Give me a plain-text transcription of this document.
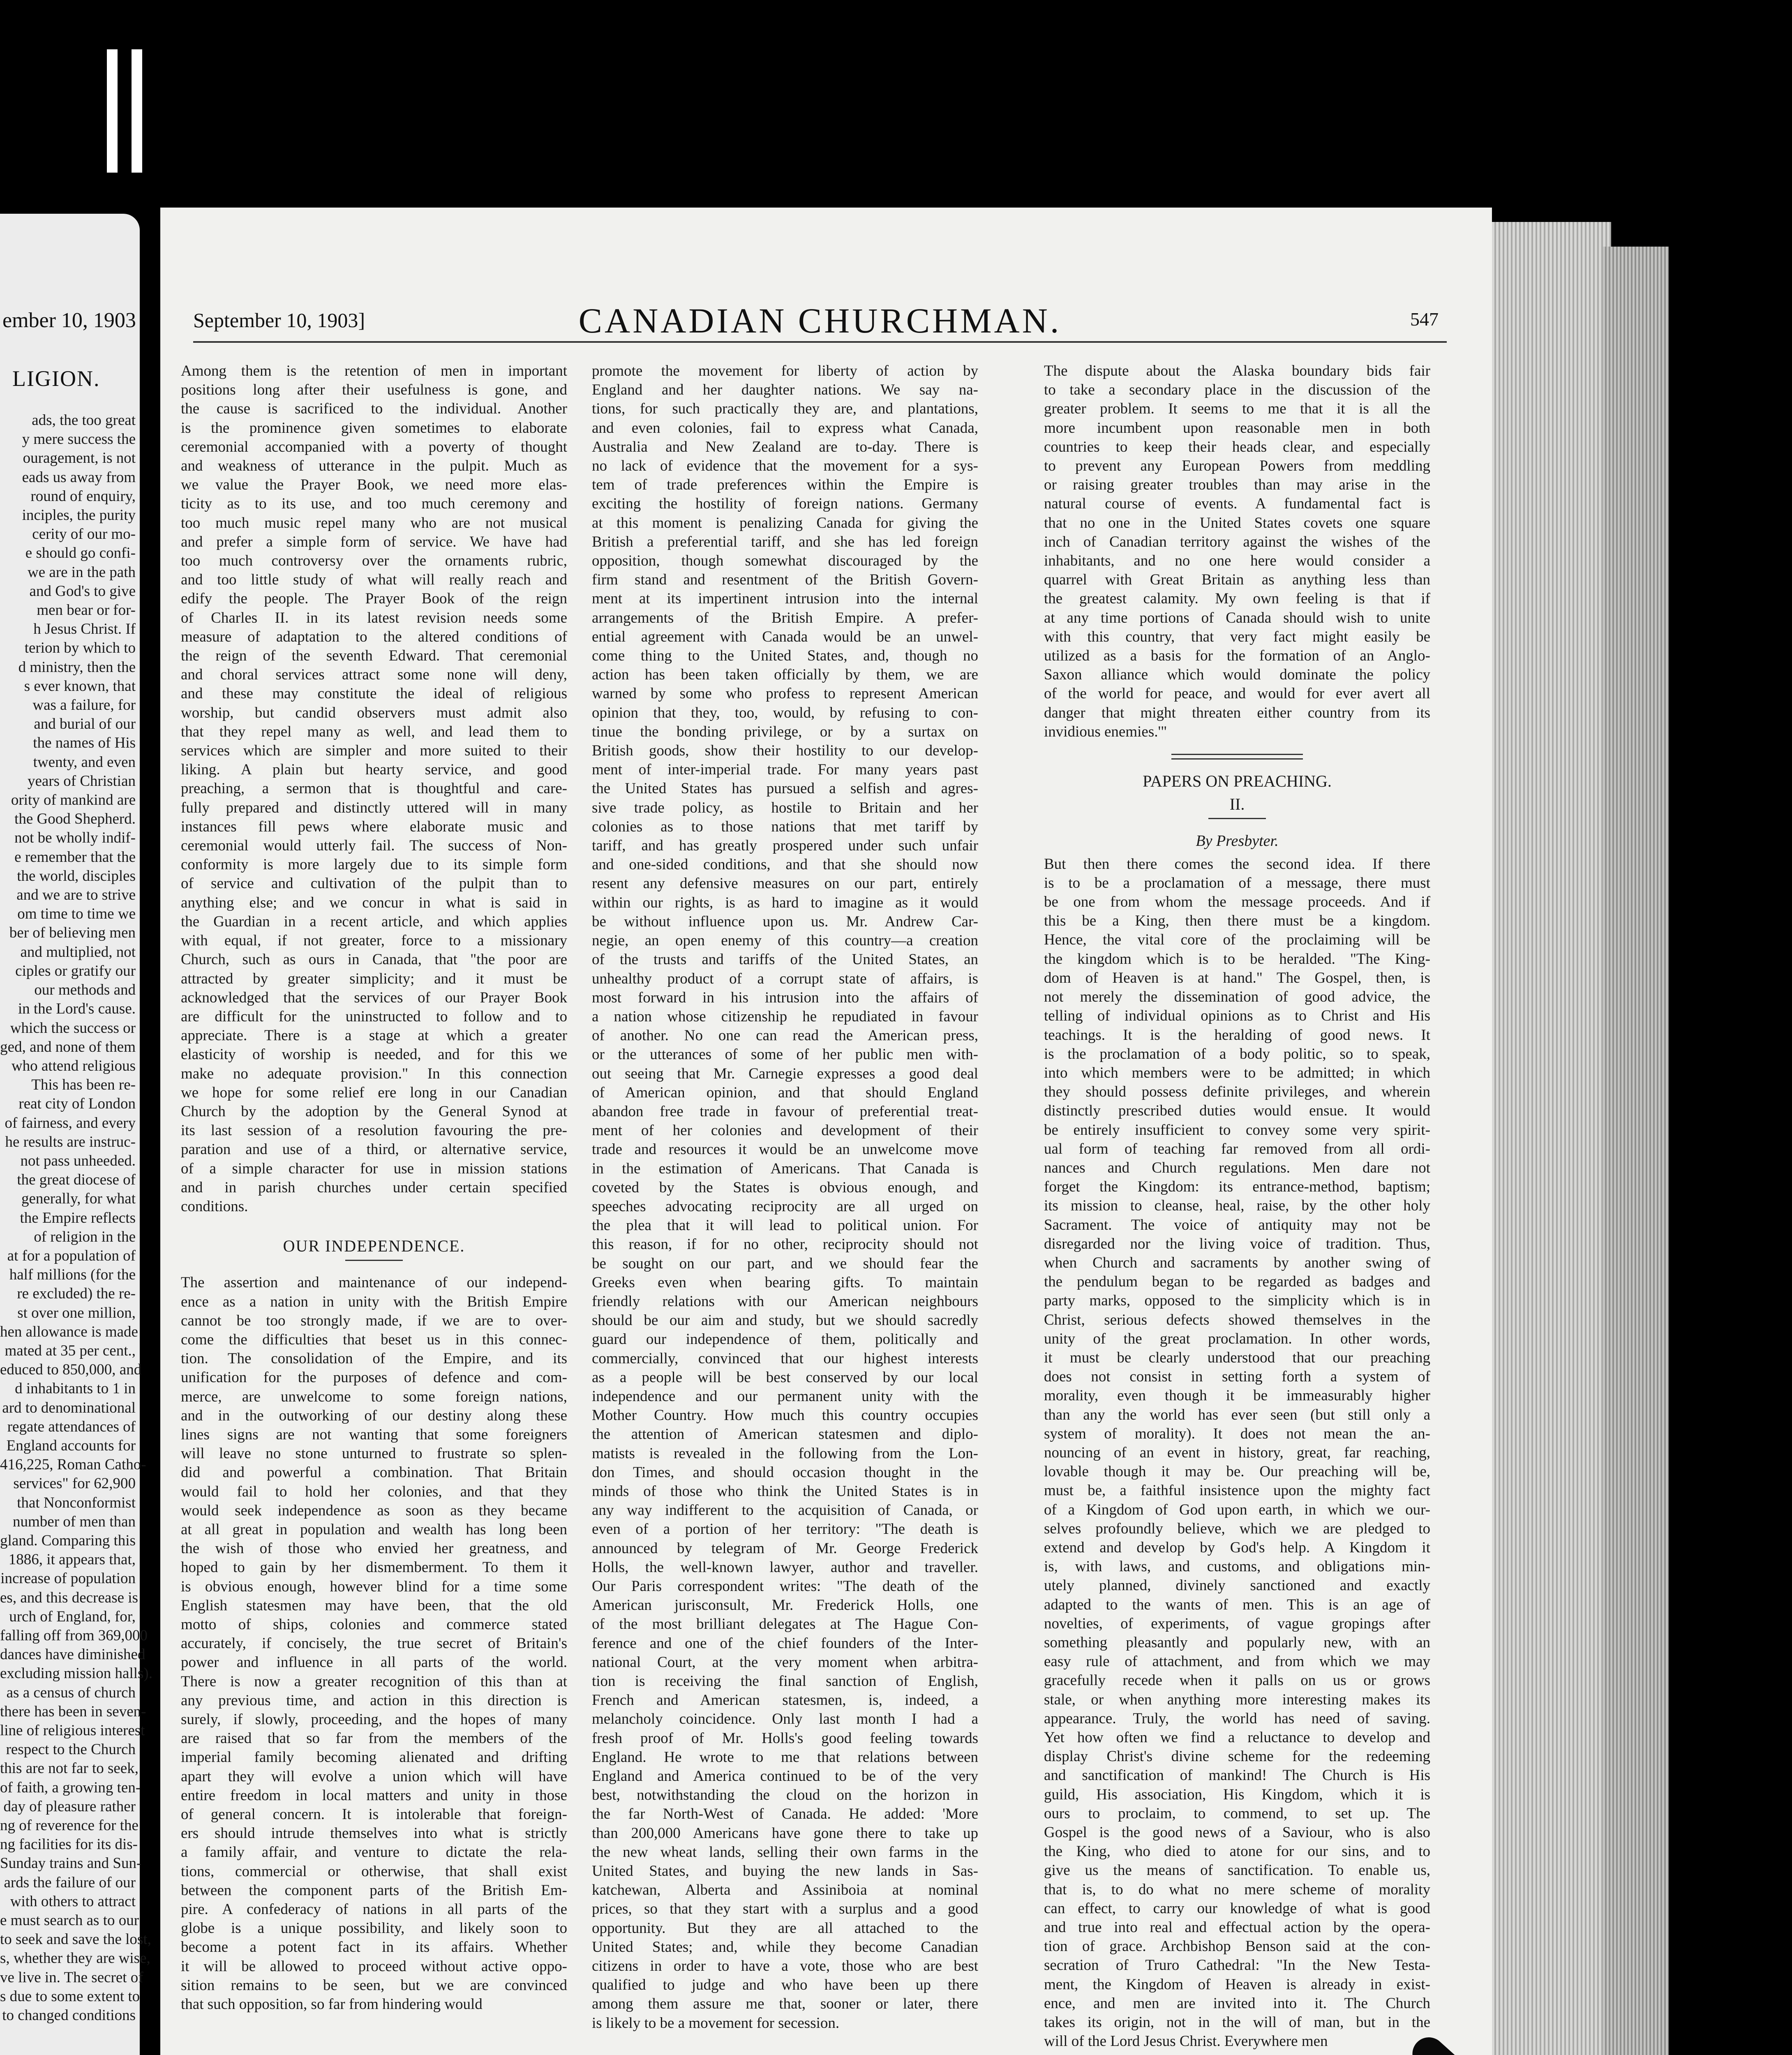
ember 10, 1903
LIGION.
ads, the too great
y mere success the
ouragement, is not
eads us away from
round of enquiry,
inciples, the purity
cerity of our mo-
e should go confi-
we are in the path
and God's to give
men bear or for-
h Jesus Christ. If
terion by which to
d ministry, then the
s ever known, that
was a failure, for
and burial of our
the names of His
twenty, and even
years of Christian
ority of mankind are
the Good Shepherd.
not be wholly indif-
e remember that the
the world, disciples
and we are to strive
om time to time we
ber of believing men
and multiplied, not
ciples or gratify our
our methods and
in the Lord's cause.
which the success or
ged, and none of them
who attend religious
This has been re-
reat city of London
of fairness, and every
he results are instruc-
not pass unheeded.
the great diocese of
generally, for what
the Empire reflects
of religion in the
at for a population of
half millions (for the
re excluded) the re-
st over one million,
hen allowance is made
mated at 35 per cent.,
educed to 850,000, and
d inhabitants to 1 in
ard to denominational
regate attendances of
England accounts for
416,225, Roman Catho-
services" for 62,900
that Nonconformist
number of men than
gland. Comparing this
1886, it appears that,
increase of population
es, and this decrease is
urch of England, for,
falling off from 369,000
dances have diminished
excluding mission halls).
as a census of church
there has been in seven-
line of religious interest
respect to the Church
this are not far to seek,
of faith, a growing ten-
day of pleasure rather
ng of reverence for the
ng facilities for its dis-
Sunday trains and Sun-
ards the failure of our
with others to attract
e must search as to our
to seek and save the lost,
s, whether they are wise,
ve live in. The secret of
s due to some extent to
to changed conditions
September 10, 1903]	CANADIAN CHURCHMAN.	547
Among them is the retention of men in important
positions long after their usefulness is gone, and
the cause is sacrificed to the individual. Another
is the prominence given sometimes to elaborate
ceremonial accompanied with a poverty of thought
and weakness of utterance in the pulpit. Much as
we value the Prayer Book, we need more elas-
ticity as to its use, and too much ceremony and
too much music repel many who are not musical
and prefer a simple form of service. We have had
too much controversy over the ornaments rubric,
and too little study of what will really reach and
edify the people. The Prayer Book of the reign
of Charles II. in its latest revision needs some
measure of adaptation to the altered conditions of
the reign of the seventh Edward. That ceremonial
and choral services attract some none will deny,
and these may constitute the ideal of religious
worship, but candid observers must admit also
that they repel many as well, and lead them to
services which are simpler and more suited to their
liking. A plain but hearty service, and good
preaching, a sermon that is thoughtful and care-
fully prepared and distinctly uttered will in many
instances fill pews where elaborate music and
ceremonial would utterly fail. The success of Non-
conformity is more largely due to its simple form
of service and cultivation of the pulpit than to
anything else; and we concur in what is said in
the Guardian in a recent article, and which applies
with equal, if not greater, force to a missionary
Church, such as ours in Canada, that "the poor are
attracted by greater simplicity; and it must be
acknowledged that the services of our Prayer Book
are difficult for the uninstructed to follow and to
appreciate. There is a stage at which a greater
elasticity of worship is needed, and for this we
make no adequate provision." In this connection
we hope for some relief ere long in our Canadian
Church by the adoption by the General Synod at
its last session of a resolution favouring the pre-
paration and use of a third, or alternative service,
of a simple character for use in mission stations
and in parish churches under certain specified
conditions.
OUR INDEPENDENCE.
The assertion and maintenance of our independ-
ence as a nation in unity with the British Empire
cannot be too strongly made, if we are to over-
come the difficulties that beset us in this connec-
tion. The consolidation of the Empire, and its
unification for the purposes of defence and com-
merce, are unwelcome to some foreign nations,
and in the outworking of our destiny along these
lines signs are not wanting that some foreigners
will leave no stone unturned to frustrate so splen-
did and powerful a combination. That Britain
would fail to hold her colonies, and that they
would seek independence as soon as they became
at all great in population and wealth has long been
the wish of those who envied her greatness, and
hoped to gain by her dismemberment. To them it
is obvious enough, however blind for a time some
English statesmen may have been, that the old
motto of ships, colonies and commerce stated
accurately, if concisely, the true secret of Britain's
power and influence in all parts of the world.
There is now a greater recognition of this than at
any previous time, and action in this direction is
surely, if slowly, proceeding, and the hopes of many
are raised that so far from the members of the
imperial family becoming alienated and drifting
apart they will evolve a union which will have
entire freedom in local matters and unity in those
of general concern. It is intolerable that foreign-
ers should intrude themselves into what is strictly
a family affair, and venture to dictate the rela-
tions, commercial or otherwise, that shall exist
between the component parts of the British Em-
pire. A confederacy of nations in all parts of the
globe is a unique possibility, and likely soon to
become a potent fact in its affairs. Whether
it will be allowed to proceed without active oppo-
sition remains to be seen, but we are convinced
that such opposition, so far from hindering would
promote the movement for liberty of action by
England and her daughter nations. We say na-
tions, for such practically they are, and plantations,
and even colonies, fail to express what Canada,
Australia and New Zealand are to-day. There is
no lack of evidence that the movement for a sys-
tem of trade preferences within the Empire is
exciting the hostility of foreign nations. Germany
at this moment is penalizing Canada for giving the
British a preferential tariff, and she has led foreign
opposition, though somewhat discouraged by the
firm stand and resentment of the British Govern-
ment at its impertinent intrusion into the internal
arrangements of the British Empire. A prefer-
ential agreement with Canada would be an unwel-
come thing to the United States, and, though no
action has been taken officially by them, we are
warned by some who profess to represent American
opinion that they, too, would, by refusing to con-
tinue the bonding privilege, or by a surtax on
British goods, show their hostility to our develop-
ment of inter-imperial trade. For many years past
the United States has pursued a selfish and agres-
sive trade policy, as hostile to Britain and her
colonies as to those nations that met tariff by
tariff, and has greatly prospered under such unfair
and one-sided conditions, and that she should now
resent any defensive measures on our part, entirely
within our rights, is as hard to imagine as it would
be without influence upon us. Mr. Andrew Car-
negie, an open enemy of this country—a creation
of the trusts and tariffs of the United States, an
unhealthy product of a corrupt state of affairs, is
most forward in his intrusion into the affairs of
a nation whose citizenship he repudiated in favour
of another. No one can read the American press,
or the utterances of some of her public men with-
out seeing that Mr. Carnegie expresses a good deal
of American opinion, and that should England
abandon free trade in favour of preferential treat-
ment of her colonies and development of their
trade and resources it would be an unwelcome move
in the estimation of Americans. That Canada is
coveted by the States is obvious enough, and
speeches advocating reciprocity are all urged on
the plea that it will lead to political union. For
this reason, if for no other, reciprocity should not
be sought on our part, and we should fear the
Greeks even when bearing gifts. To maintain
friendly relations with our American neighbours
should be our aim and study, but we should sacredly
guard our independence of them, politically and
commercially, convinced that our highest interests
as a people will be best conserved by our local
independence and our permanent unity with the
Mother Country. How much this country occupies
the attention of American statesmen and diplo-
matists is revealed in the following from the Lon-
don Times, and should occasion thought in the
minds of those who think the United States is in
any way indifferent to the acquisition of Canada, or
even of a portion of her territory: "The death is
announced by telegram of Mr. George Frederick
Holls, the well-known lawyer, author and traveller.
Our Paris correspondent writes: "The death of the
American jurisconsult, Mr. Frederick Holls, one
of the most brilliant delegates at The Hague Con-
ference and one of the chief founders of the Inter-
national Court, at the very moment when arbitra-
tion is receiving the final sanction of English,
French and American statesmen, is, indeed, a
melancholy coincidence. Only last month I had a
fresh proof of Mr. Holls's good feeling towards
England. He wrote to me that relations between
England and America continued to be of the very
best, notwithstanding the cloud on the horizon in
the far North-West of Canada. He added: 'More
than 200,000 Americans have gone there to take up
the new wheat lands, selling their own farms in the
United States, and buying the new lands in Sas-
katchewan, Alberta and Assiniboia at nominal
prices, so that they start with a surplus and a good
opportunity. But they are all attached to the
United States; and, while they become Canadian
citizens in order to have a vote, those who are best
qualified to judge and who have been up there
among them assure me that, sooner or later, there
is likely to be a movement for secession.
The dispute about the Alaska boundary bids fair
to take a secondary place in the discussion of the
greater problem. It seems to me that it is all the
more incumbent upon reasonable men in both
countries to keep their heads clear, and especially
to prevent any European Powers from meddling
or raising greater troubles than may arise in the
natural course of events. A fundamental fact is
that no one in the United States covets one square
inch of Canadian territory against the wishes of the
inhabitants, and no one here would consider a
quarrel with Great Britain as anything less than
the greatest calamity. My own feeling is that if
at any time portions of Canada should wish to unite
with this country, that very fact might easily be
utilized as a basis for the formation of an Anglo-
Saxon alliance which would dominate the policy
of the world for peace, and would for ever avert all
danger that might threaten either country from its
invidious enemies.'"
PAPERS ON PREACHING.
II.
By Presbyter.
But then there comes the second idea. If there
is to be a proclamation of a message, there must
be one from whom the message proceeds. And if
this be a King, then there must be a kingdom.
Hence, the vital core of the proclaiming will be
the kingdom which is to be heralded. "The King-
dom of Heaven is at hand." The Gospel, then, is
not merely the dissemination of good advice, the
telling of individual opinions as to Christ and His
teachings. It is the heralding of good news. It
is the proclamation of a body politic, so to speak,
into which members were to be admitted; in which
they should possess definite privileges, and wherein
distinctly prescribed duties would ensue. It would
be entirely insufficient to convey some very spirit-
ual form of teaching far removed from all ordi-
nances and Church regulations. Men dare not
forget the Kingdom: its entrance-method, baptism;
its mission to cleanse, heal, raise, by the other holy
Sacrament. The voice of antiquity may not be
disregarded nor the living voice of tradition. Thus,
when Church and sacraments by another swing of
the pendulum began to be regarded as badges and
party marks, opposed to the simplicity which is in
Christ, serious defects showed themselves in the
unity of the great proclamation. In other words,
it must be clearly understood that our preaching
does not consist in setting forth a system of
morality, even though it be immeasurably higher
than any the world has ever seen (but still only a
system of morality). It does not mean the an-
nouncing of an event in history, great, far reaching,
lovable though it may be. Our preaching will be,
must be, a faithful insistence upon the mighty fact
of a Kingdom of God upon earth, in which we our-
selves profoundly believe, which we are pledged to
extend and develop by God's help. A Kingdom it
is, with laws, and customs, and obligations min-
utely planned, divinely sanctioned and exactly
adapted to the wants of men. This is an age of
novelties, of experiments, of vague gropings after
something pleasantly and popularly new, with an
easy rule of attachment, and from which we may
gracefully recede when it palls on us or grows
stale, or when anything more interesting makes its
appearance. Truly, the world has need of saving.
Yet how often we find a reluctance to develop and
display Christ's divine scheme for the redeeming
and sanctification of mankind! The Church is His
guild, His association, His Kingdom, which it is
ours to proclaim, to commend, to set up. The
Gospel is the good news of a Saviour, who is also
the King, who died to atone for our sins, and to
give us the means of sanctification. To enable us,
that is, to do what no mere scheme of morality
can effect, to carry our knowledge of what is good
and true into real and effectual action by the opera-
tion of grace. Archbishop Benson said at the con-
secration of Truro Cathedral: "In the New Testa-
ment, the Kingdom of Heaven is already in exist-
ence, and men are invited into it. The Church
takes its origin, not in the will of man, but in the
will of the Lord Jesus Christ. Everywhere men
